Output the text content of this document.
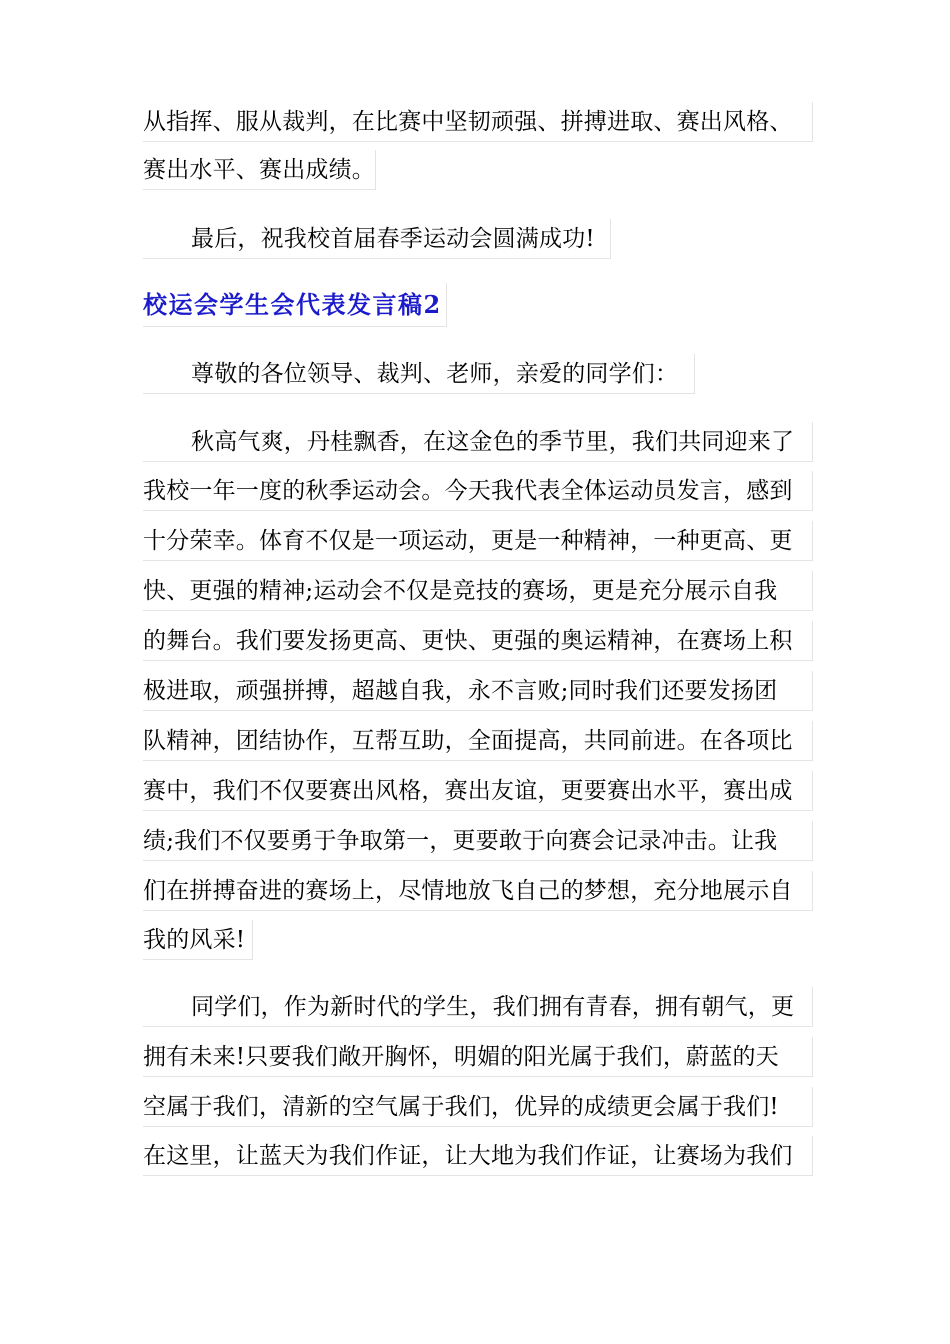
从指挥、服从裁判，在比赛中坚韧顽强、拼搏进取、赛出风格、
赛出水平、赛出成绩。
最后，祝我校首届春季运动会圆满成功!
校运会学生会代表发言稿2
尊敬的各位领导、裁判、老师，亲爱的同学们：
秋高气爽，丹桂飘香，在这金色的季节里，我们共同迎来了
我校一年一度的秋季运动会。今天我代表全体运动员发言，感到
十分荣幸。体育不仅是一项运动，更是一种精神，一种更高、更
快、更强的精神;运动会不仅是竞技的赛场，更是充分展示自我
的舞台。我们要发扬更高、更快、更强的奥运精神，在赛场上积
极进取，顽强拼搏，超越自我，永不言败;同时我们还要发扬团
队精神，团结协作，互帮互助，全面提高，共同前进。在各项比
赛中，我们不仅要赛出风格，赛出友谊，更要赛出水平，赛出成
绩;我们不仅要勇于争取第一，更要敢于向赛会记录冲击。让我
们在拼搏奋进的赛场上，尽情地放飞自己的梦想，充分地展示自
我的风采!
同学们，作为新时代的学生，我们拥有青春，拥有朝气，更
拥有未来!只要我们敞开胸怀，明媚的阳光属于我们，蔚蓝的天
空属于我们，清新的空气属于我们，优异的成绩更会属于我们!
在这里，让蓝天为我们作证，让大地为我们作证，让赛场为我们
